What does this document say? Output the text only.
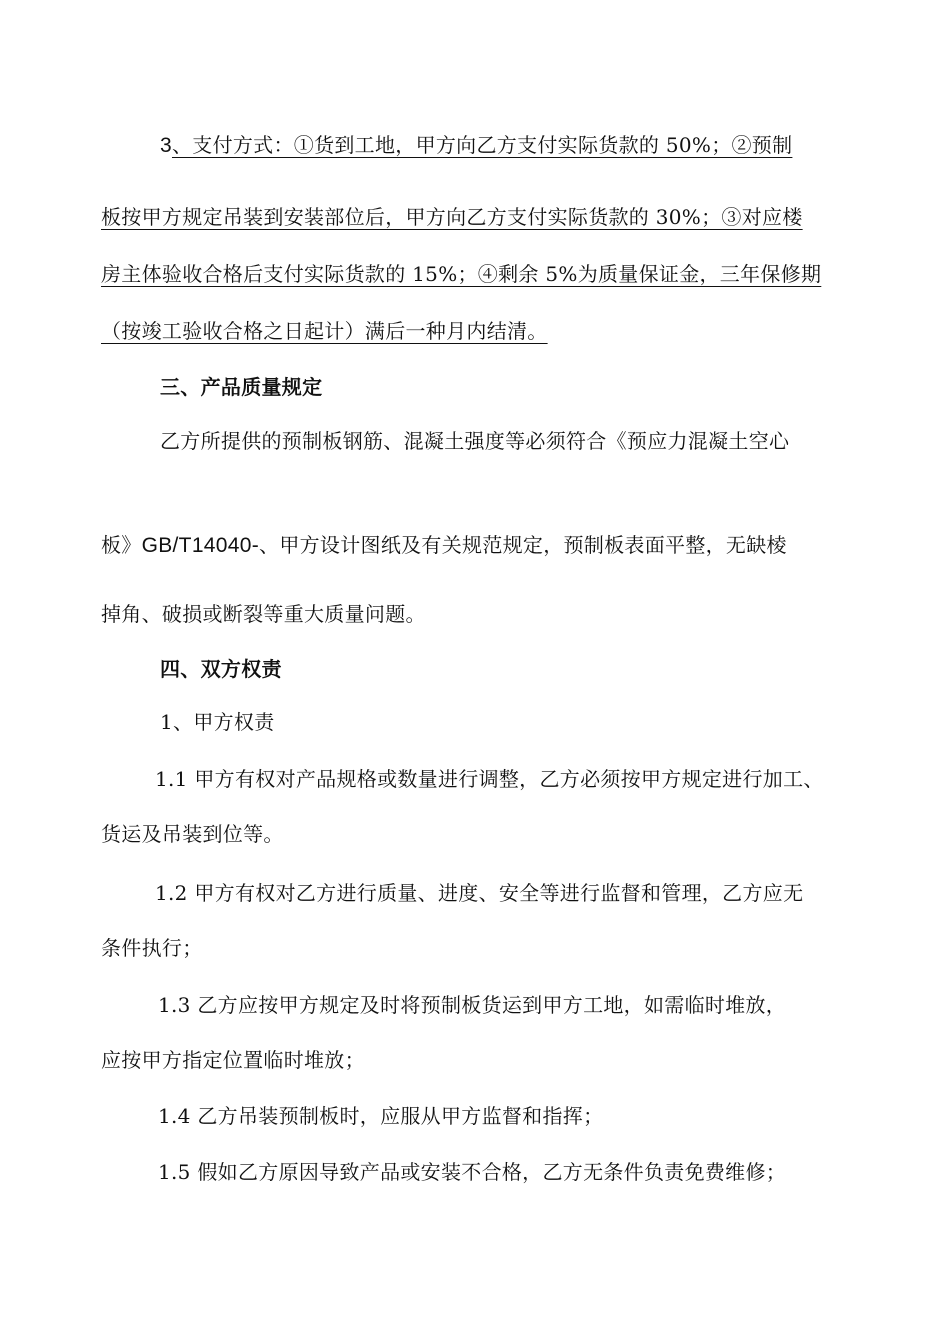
3、支付方式：①货到工地，甲方向乙方支付实际货款的 50%；②预制
板按甲方规定吊装到安装部位后，甲方向乙方支付实际货款的 30%；③对应楼
房主体验收合格后支付实际货款的 15%；④剩余 5%为质量保证金，三年保修期
（按竣工验收合格之日起计）满后一种月内结清。
三、产品质量规定
乙方所提供的预制板钢筋、混凝土强度等必须符合《预应力混凝土空心
板》GB/T14040-、甲方设计图纸及有关规范规定，预制板表面平整，无缺棱
掉角、破损或断裂等重大质量问题。
四、双方权责
1、甲方权责
1.1 甲方有权对产品规格或数量进行调整，乙方必须按甲方规定进行加工、
货运及吊装到位等。
1.2 甲方有权对乙方进行质量、进度、安全等进行监督和管理，乙方应无
条件执行；
1.3 乙方应按甲方规定及时将预制板货运到甲方工地，如需临时堆放，
应按甲方指定位置临时堆放；
1.4 乙方吊装预制板时，应服从甲方监督和指挥；
1.5 假如乙方原因导致产品或安装不合格，乙方无条件负责免费维修；
